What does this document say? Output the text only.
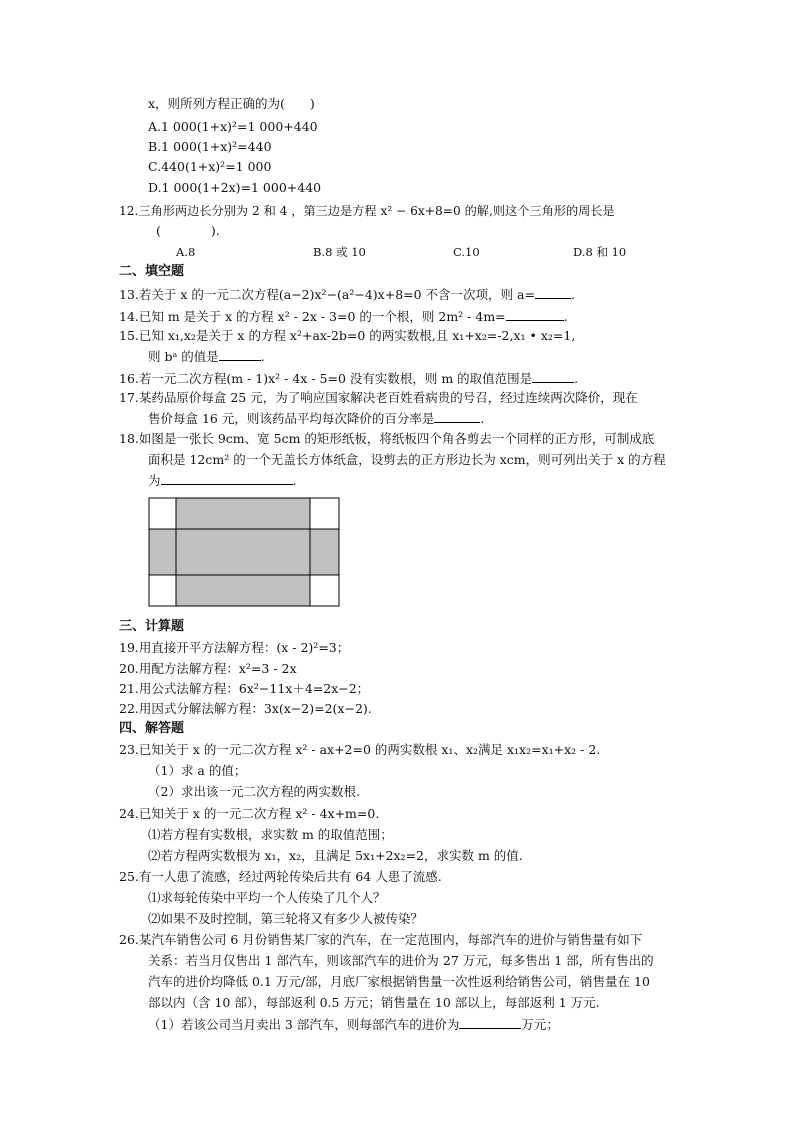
x，则所列方程正确的为(　　)
A.1 000(1+x)²=1 000+440
B.1 000(1+x)²=440
C.440(1+x)²=1 000
D.1 000(1+2x)=1 000+440
12.三角形两边长分别为 2 和 4 ，第三边是方程 x² − 6x+8=0 的解,则这个三角形的周长是
(　　　　).
A.8	B.8 或 10	C.10	D.8 和 10
二、填空题
13.若关于 x 的一元二次方程(a−2)x²−(a²−4)x+8=0 不含一次项，则 a=	.
14.已知 m 是关于 x 的方程 x² - 2x - 3=0 的一个根，则 2m² - 4m=	.
15.已知 x₁,x₂是关于 x 的方程 x²+ax-2b=0 的两实数根,且 x₁+x₂=-2,x₁ • x₂=1,
则 bᵃ 的值是	.
16.若一元二次方程(m - 1)x² - 4x - 5=0 没有实数根，则 m 的取值范围是	.
17.某药品原价每盒 25 元，为了响应国家解决老百姓看病贵的号召，经过连续两次降价，现在
售价每盒 16 元，则该药品平均每次降价的百分率是	.
18.如图是一张长 9cm、宽 5cm 的矩形纸板，将纸板四个角各剪去一个同样的正方形，可制成底
面积是 12cm² 的一个无盖长方体纸盒，设剪去的正方形边长为 xcm，则可列出关于 x 的方程
为	.
三、计算题
19.用直接开平方法解方程：(x - 2)²=3；
20.用配方法解方程：x²=3 - 2x
21.用公式法解方程：6x²−11x＋4=2x−2；
22.用因式分解法解方程：3x(x−2)=2(x−2).
四、解答题
23.已知关于 x 的一元二次方程 x² - ax+2=0 的两实数根 x₁、x₂满足 x₁x₂=x₁+x₂ - 2.
（1）求 a 的值；
（2）求出该一元二次方程的两实数根.
24.已知关于 x 的一元二次方程 x² - 4x+m=0.
⑴若方程有实数根，求实数 m 的取值范围；
⑵若方程两实数根为 x₁，x₂，且满足 5x₁+2x₂=2，求实数 m 的值.
25.有一人患了流感，经过两轮传染后共有 64 人患了流感.
⑴求每轮传染中平均一个人传染了几个人？
⑵如果不及时控制，第三轮将又有多少人被传染？
26.某汽车销售公司 6 月份销售某厂家的汽车，在一定范围内，每部汽车的进价与销售量有如下
关系：若当月仅售出 1 部汽车，则该部汽车的进价为 27 万元，每多售出 1 部，所有售出的
汽车的进价均降低 0.1 万元/部，月底厂家根据销售量一次性返利给销售公司，销售量在 10
部以内（含 10 部），每部返利 0.5 万元；销售量在 10 部以上，每部返利 1 万元.
（1）若该公司当月卖出 3 部汽车，则每部汽车的进价为	万元；
